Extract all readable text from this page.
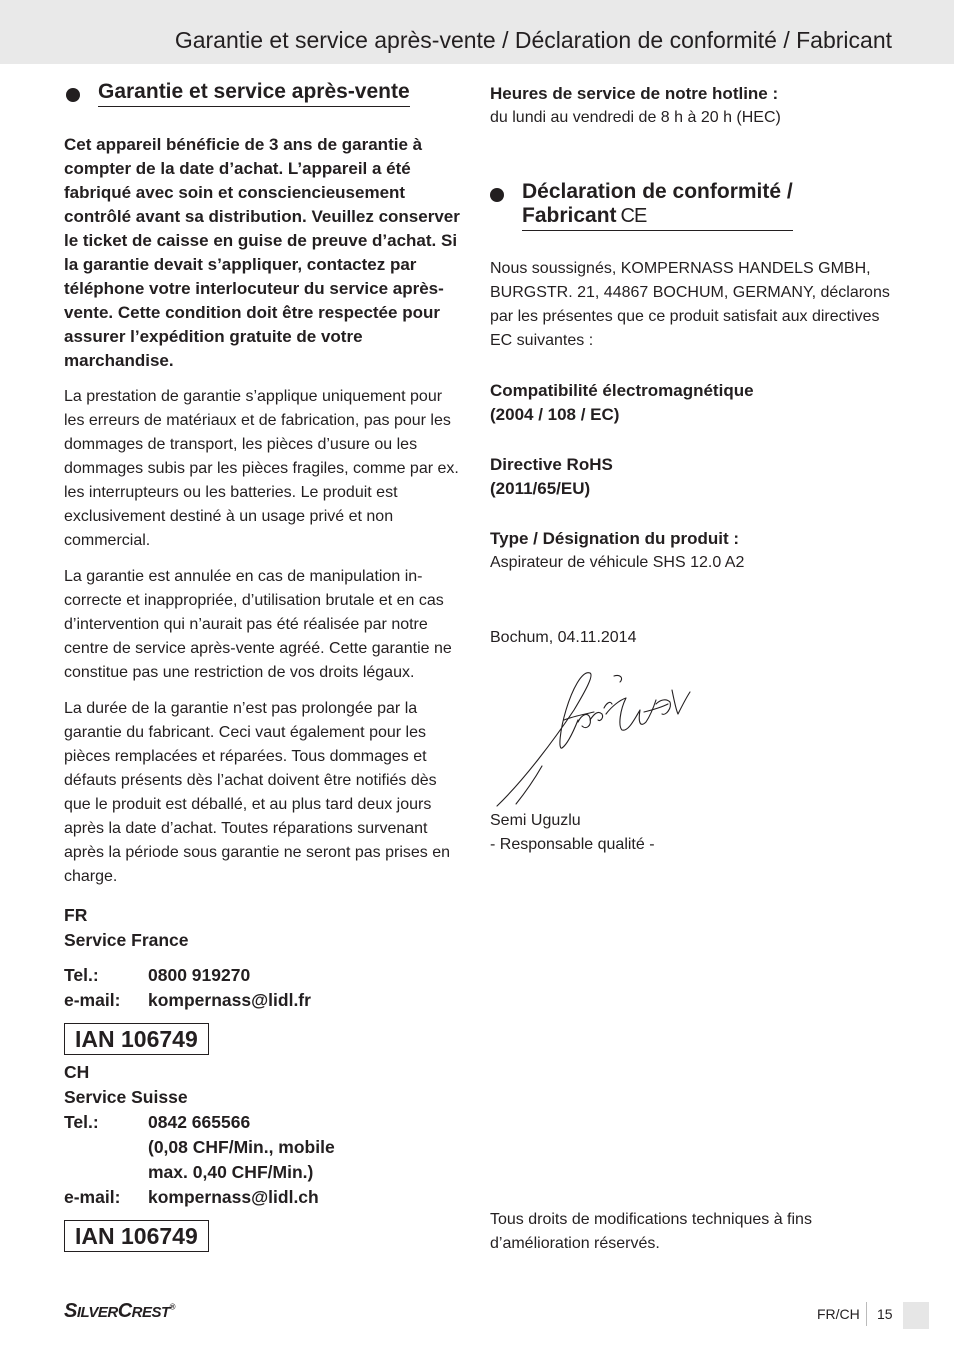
Garantie et service après-vente / Déclaration de conformité / Fabricant
Garantie et service après-vente

Cet appareil bénéficie de 3 ans de garantie à compter de la date d’achat. L’appareil a été fabriqué avec soin et consciencieusement contrôlé avant sa distribution. Veuillez conserver le ticket de caisse en guise de preuve d’achat. Si la garantie devait s’appliquer, contactez par téléphone votre interlocuteur du service après-vente. Cette condition doit être respectée pour assurer l’expédition gratuite de votre marchandise.

La prestation de garantie s’applique uniquement pour les erreurs de matériaux et de fabrication, pas pour les dommages de transport, les pièces d’usure ou les dommages subis par les pièces fragiles, comme par ex. les interrupteurs ou les batteries. Le produit est exclusivement destiné à un usage privé et non commercial.

La garantie est annulée en cas de manipulation incorrecte et inappropriée, d’utilisation brutale et en cas d’intervention qui n’aurait pas été réalisée par notre centre de service après-vente agréé. Cette garantie ne constitue pas une restriction de vos droits légaux.

La durée de la garantie n’est pas prolongée par la garantie du fabricant. Ceci vaut également pour les pièces remplacées et réparées. Tous dommages et défauts présents dès l’achat doivent être notifiés dès que le produit est déballé, et au plus tard deux jours après la date d’achat. Toutes réparations survenant après la période sous garantie ne seront pas prises en charge.

FR
Service France
Tel.:	0800 919270
e-mail:	kompernass@lidl.fr
IAN 106749
CH
Service Suisse
Tel.:	0842 665566
(0,08 CHF/Min., mobile
max. 0,40 CHF/Min.)
e-mail:	kompernass@lidl.ch
IAN 106749
Heures de service de notre hotline :
du lundi au vendredi de 8 h à 20 h (HEC)
Déclaration de conformité /
Fabricant CE

Nous soussignés, KOMPERNASS HANDELS GMBH, BURGSTR. 21, 44867 BOCHUM, GERMANY, déclarons par les présentes que ce produit satisfait aux directives EC suivantes :

Compatibilité électromagnétique
(2004 / 108 / EC)
Directive RoHS
(2011/65/EU)
Type / Désignation du produit :
Aspirateur de véhicule SHS 12.0 A2
Bochum, 04.11.2014
Semi Uguzlu
- Responsable qualité -

Tous droits de modifications techniques à fins d’amélioration réservés.

SILVERCREST®	FR/CH 15
